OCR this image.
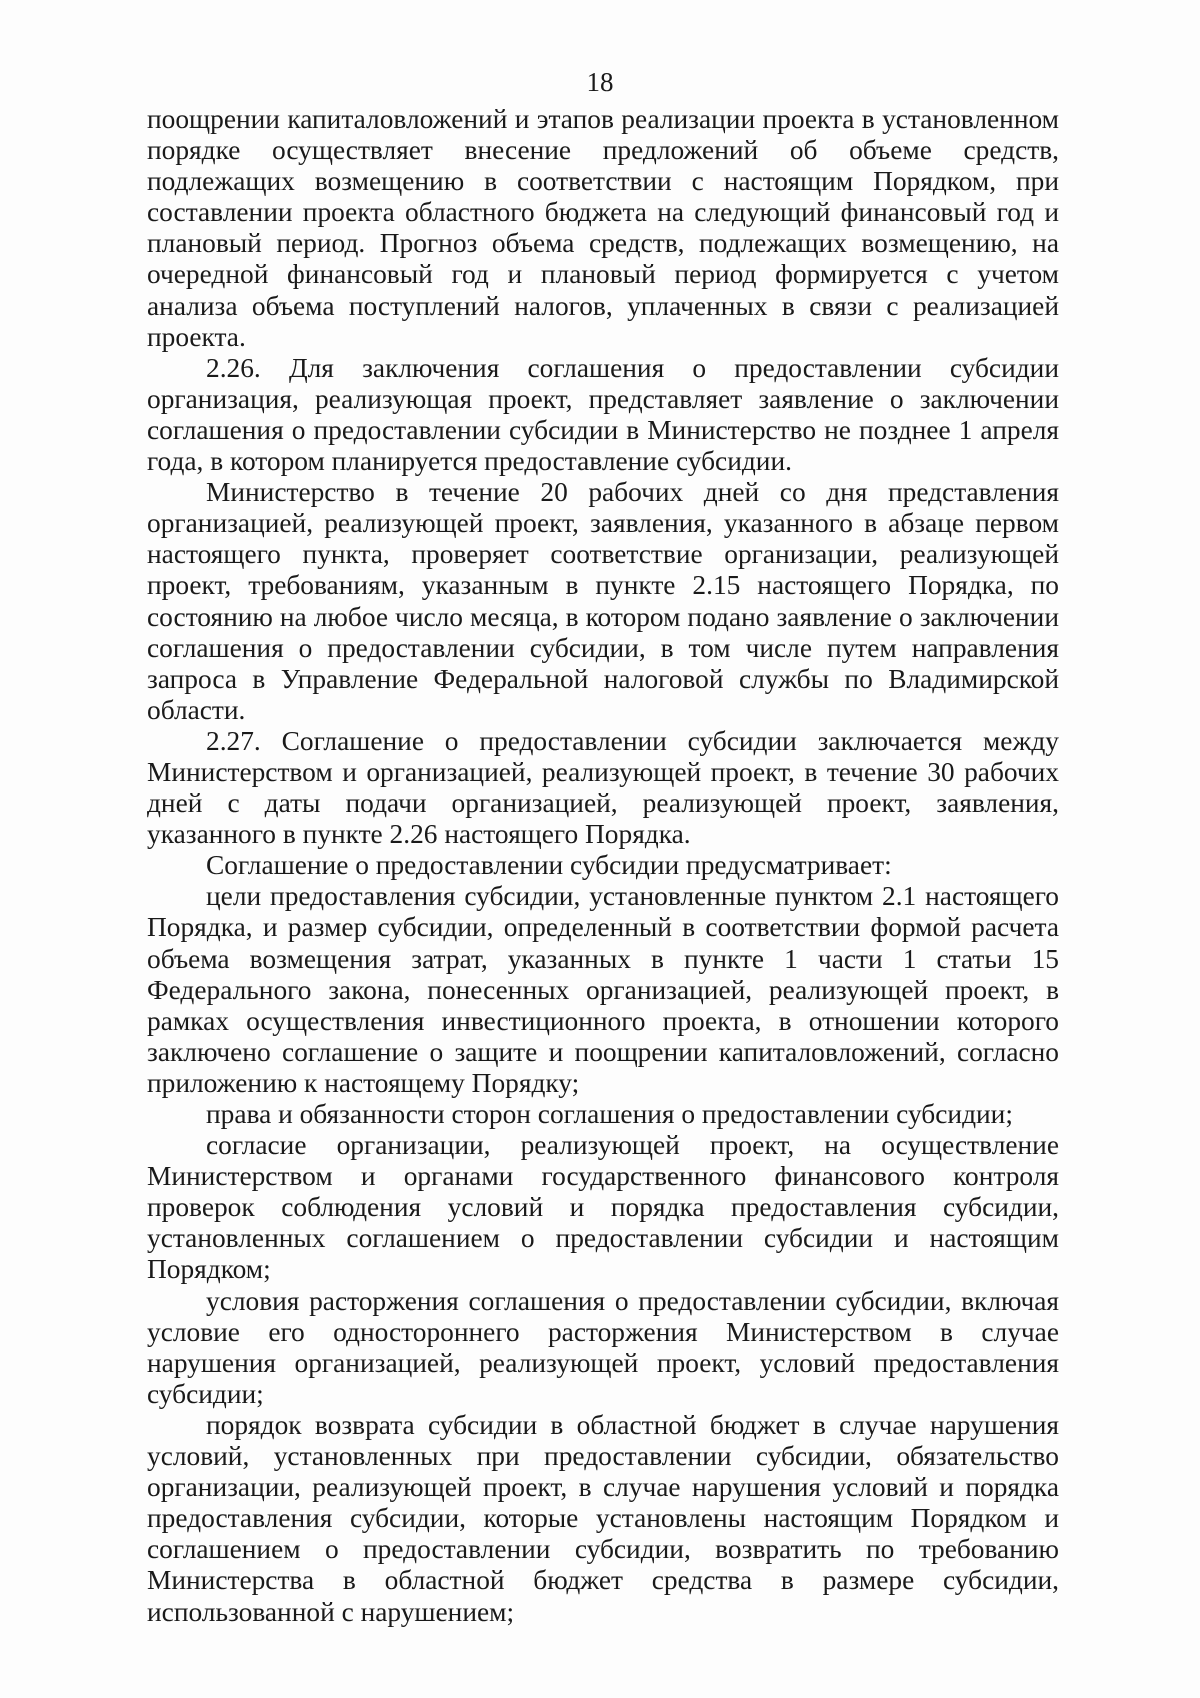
18

поощрении капиталовложений и этапов реализации проекта в установленном порядке осуществляет внесение предложений об объеме средств, подлежащих возмещению в соответствии с настоящим Порядком, при составлении проекта областного бюджета на следующий финансовый год и плановый период. Прогноз объема средств, подлежащих возмещению, на очередной финансовый год и плановый период формируется с учетом анализа объема поступлений налогов, уплаченных в связи с реализацией проекта.

2.26. Для заключения соглашения о предоставлении субсидии организация, реализующая проект, представляет заявление о заключении соглашения о предоставлении субсидии в Министерство не позднее 1 апреля года, в котором планируется предоставление субсидии.

Министерство в течение 20 рабочих дней со дня представления организацией, реализующей проект, заявления, указанного в абзаце первом настоящего пункта, проверяет соответствие организации, реализующей проект, требованиям, указанным в пункте 2.15 настоящего Порядка, по состоянию на любое число месяца, в котором подано заявление о заключении соглашения о предоставлении субсидии, в том числе путем направления запроса в Управление Федеральной налоговой службы по Владимирской области.

2.27. Соглашение о предоставлении субсидии заключается между Министерством и организацией, реализующей проект, в течение 30 рабочих дней с даты подачи организацией, реализующей проект, заявления, указанного в пункте 2.26 настоящего Порядка.

Соглашение о предоставлении субсидии предусматривает:

цели предоставления субсидии, установленные пунктом 2.1 настоящего Порядка, и размер субсидии, определенный в соответствии формой расчета объема возмещения затрат, указанных в пункте 1 части 1 статьи 15 Федерального закона, понесенных организацией, реализующей проект, в рамках осуществления инвестиционного проекта, в отношении которого заключено соглашение о защите и поощрении капиталовложений, согласно приложению к настоящему Порядку;

права и обязанности сторон соглашения о предоставлении субсидии;

согласие организации, реализующей проект, на осуществление Министерством и органами государственного финансового контроля проверок соблюдения условий и порядка предоставления субсидии, установленных соглашением о предоставлении субсидии и настоящим Порядком;

условия расторжения соглашения о предоставлении субсидии, включая условие его одностороннего расторжения Министерством в случае нарушения организацией, реализующей проект, условий предоставления субсидии;

порядок возврата субсидии в областной бюджет в случае нарушения условий, установленных при предоставлении субсидии, обязательство организации, реализующей проект, в случае нарушения условий и порядка предоставления субсидии, которые установлены настоящим Порядком и соглашением о предоставлении субсидии, возвратить по требованию Министерства в областной бюджет средства в размере субсидии, использованной с нарушением;
